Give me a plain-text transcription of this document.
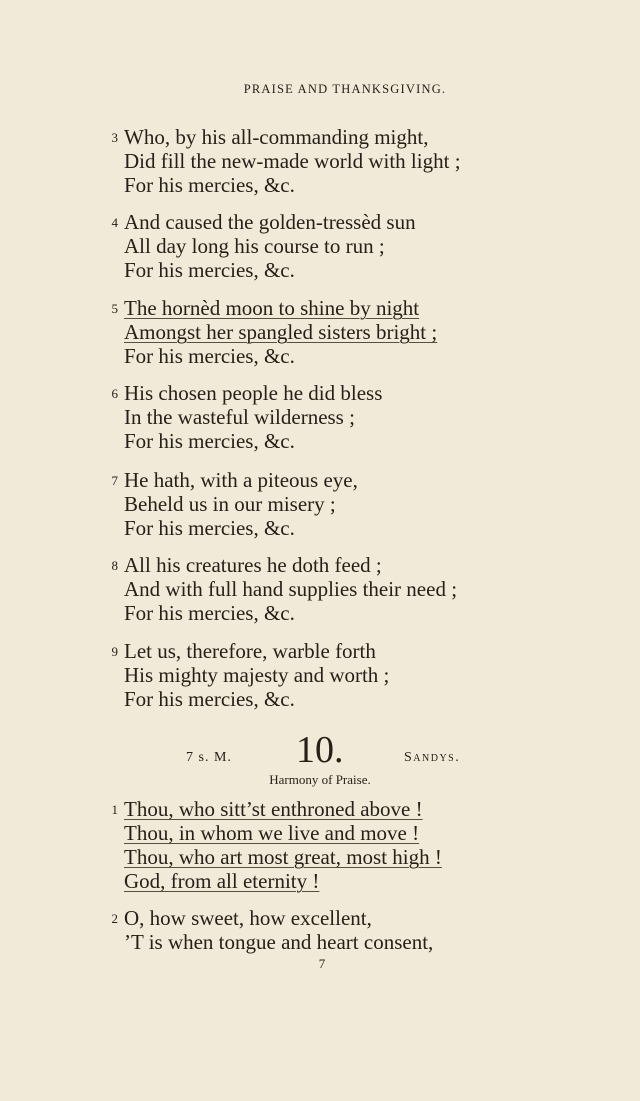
PRAISE AND THANKSGIVING.
3 Who, by his all-commanding might,
Did fill the new-made world with light ;
For his mercies, &c.
4 And caused the golden-tressèd sun
All day long his course to run ;
For his mercies, &c.
5 The hornèd moon to shine by night
Amongst her spangled sisters bright ;
For his mercies, &c.
6 His chosen people he did bless
In the wasteful wilderness ;
For his mercies, &c.
7 He hath, with a piteous eye,
Beheld us in our misery ;
For his mercies, &c.
8 All his creatures he doth feed ;
And with full hand supplies their need ;
For his mercies, &c.
9 Let us, therefore, warble forth
His mighty majesty and worth ;
For his mercies, &c.
7 s. M. 10.	Sandys.
Harmony of Praise.
1 Thou, who sitt’st enthroned above !
Thou, in whom we live and move !
Thou, who art most great, most high !
God, from all eternity !
2 O, how sweet, how excellent,
’T is when tongue and heart consent,
7
